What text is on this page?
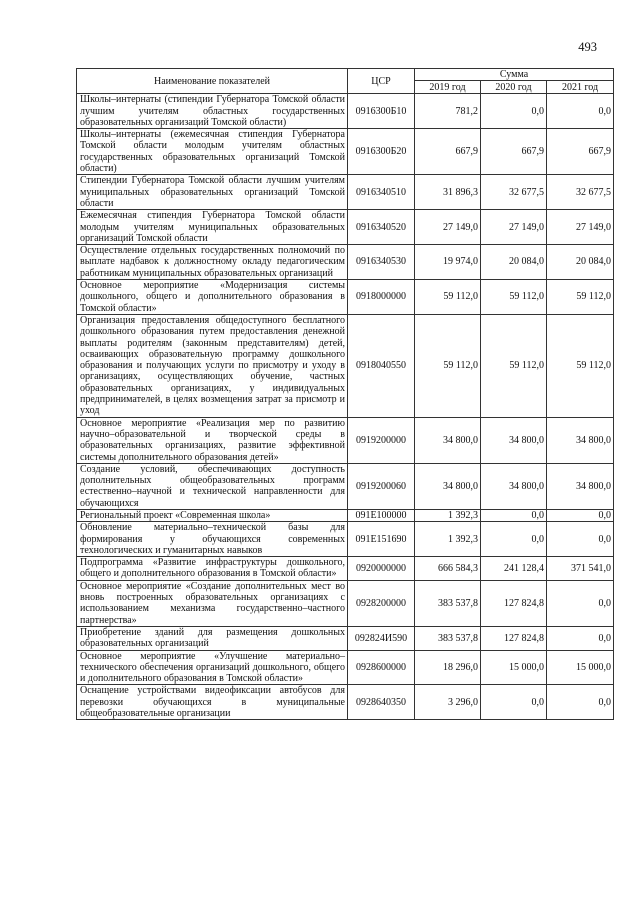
493
Наименование показателей	ЦСР	Сумма		
		2019 год	2020 год	2021 год
Школы–интернаты (стипендии Губернатора Томской области лучшим учителям областных государственных образовательных организаций Томской области)	0916300Б10	781,2	0,0	0,0
Школы–интернаты (ежемесячная стипендия Губернатора Томской области молодым учителям областных государственных образовательных организаций Томской области)	0916300Б20	667,9	667,9	667,9
Стипендии Губернатора Томской области лучшим учителям муниципальных образовательных организаций Томской области	0916340510	31 896,3	32 677,5	32 677,5
Ежемесячная стипендия Губернатора Томской области молодым учителям муниципальных образовательных организаций Томской области	0916340520	27 149,0	27 149,0	27 149,0
Осуществление отдельных государственных полномочий по выплате надбавок к должностному окладу педагогическим работникам муниципальных образовательных организаций	0916340530	19 974,0	20 084,0	20 084,0
Основное мероприятие «Модернизация системы дошкольного, общего и дополнительного образования в Томской области»	0918000000	59 112,0	59 112,0	59 112,0
Организация предоставления общедоступного бесплатного дошкольного образования путем предоставления денежной выплаты родителям (законным представителям) детей, осваивающих образовательную программу дошкольного образования и получающих услуги по присмотру и уходу в организациях, осуществляющих обучение, частных образовательных организациях, у индивидуальных предпринимателей, в целях возмещения затрат за присмотр и уход	0918040550	59 112,0	59 112,0	59 112,0
Основное мероприятие «Реализация мер по развитию научно–образовательной и творческой среды в образовательных организациях, развитие эффективной системы дополнительного образования детей»	0919200000	34 800,0	34 800,0	34 800,0
Создание условий, обеспечивающих доступность дополнительных общеобразовательных программ естественно–научной и технической направленности для обучающихся	0919200060	34 800,0	34 800,0	34 800,0
Региональный проект «Современная школа»	091E100000	1 392,3	0,0	0,0
Обновление материально–технической базы для формирования у обучающихся современных технологических и гуманитарных навыков	091E151690	1 392,3	0,0	0,0
Подпрограмма «Развитие инфраструктуры дошкольного, общего и дополнительного образования в Томской области»	0920000000	666 584,3	241 128,4	371 541,0
Основное мероприятие «Создание дополнительных мест во вновь построенных образовательных организациях с использованием механизма государственно–частного партнерства»	0928200000	383 537,8	127 824,8	0,0
Приобретение зданий для размещения дошкольных образовательных организаций	092824И590	383 537,8	127 824,8	0,0
Основное мероприятие «Улучшение материально–технического обеспечения организаций дошкольного, общего и дополнительного образования в Томской области»	0928600000	18 296,0	15 000,0	15 000,0
Оснащение устройствами видеофиксации автобусов для перевозки обучающихся в муниципальные общеобразовательные организации	0928640350	3 296,0	0,0	0,0
